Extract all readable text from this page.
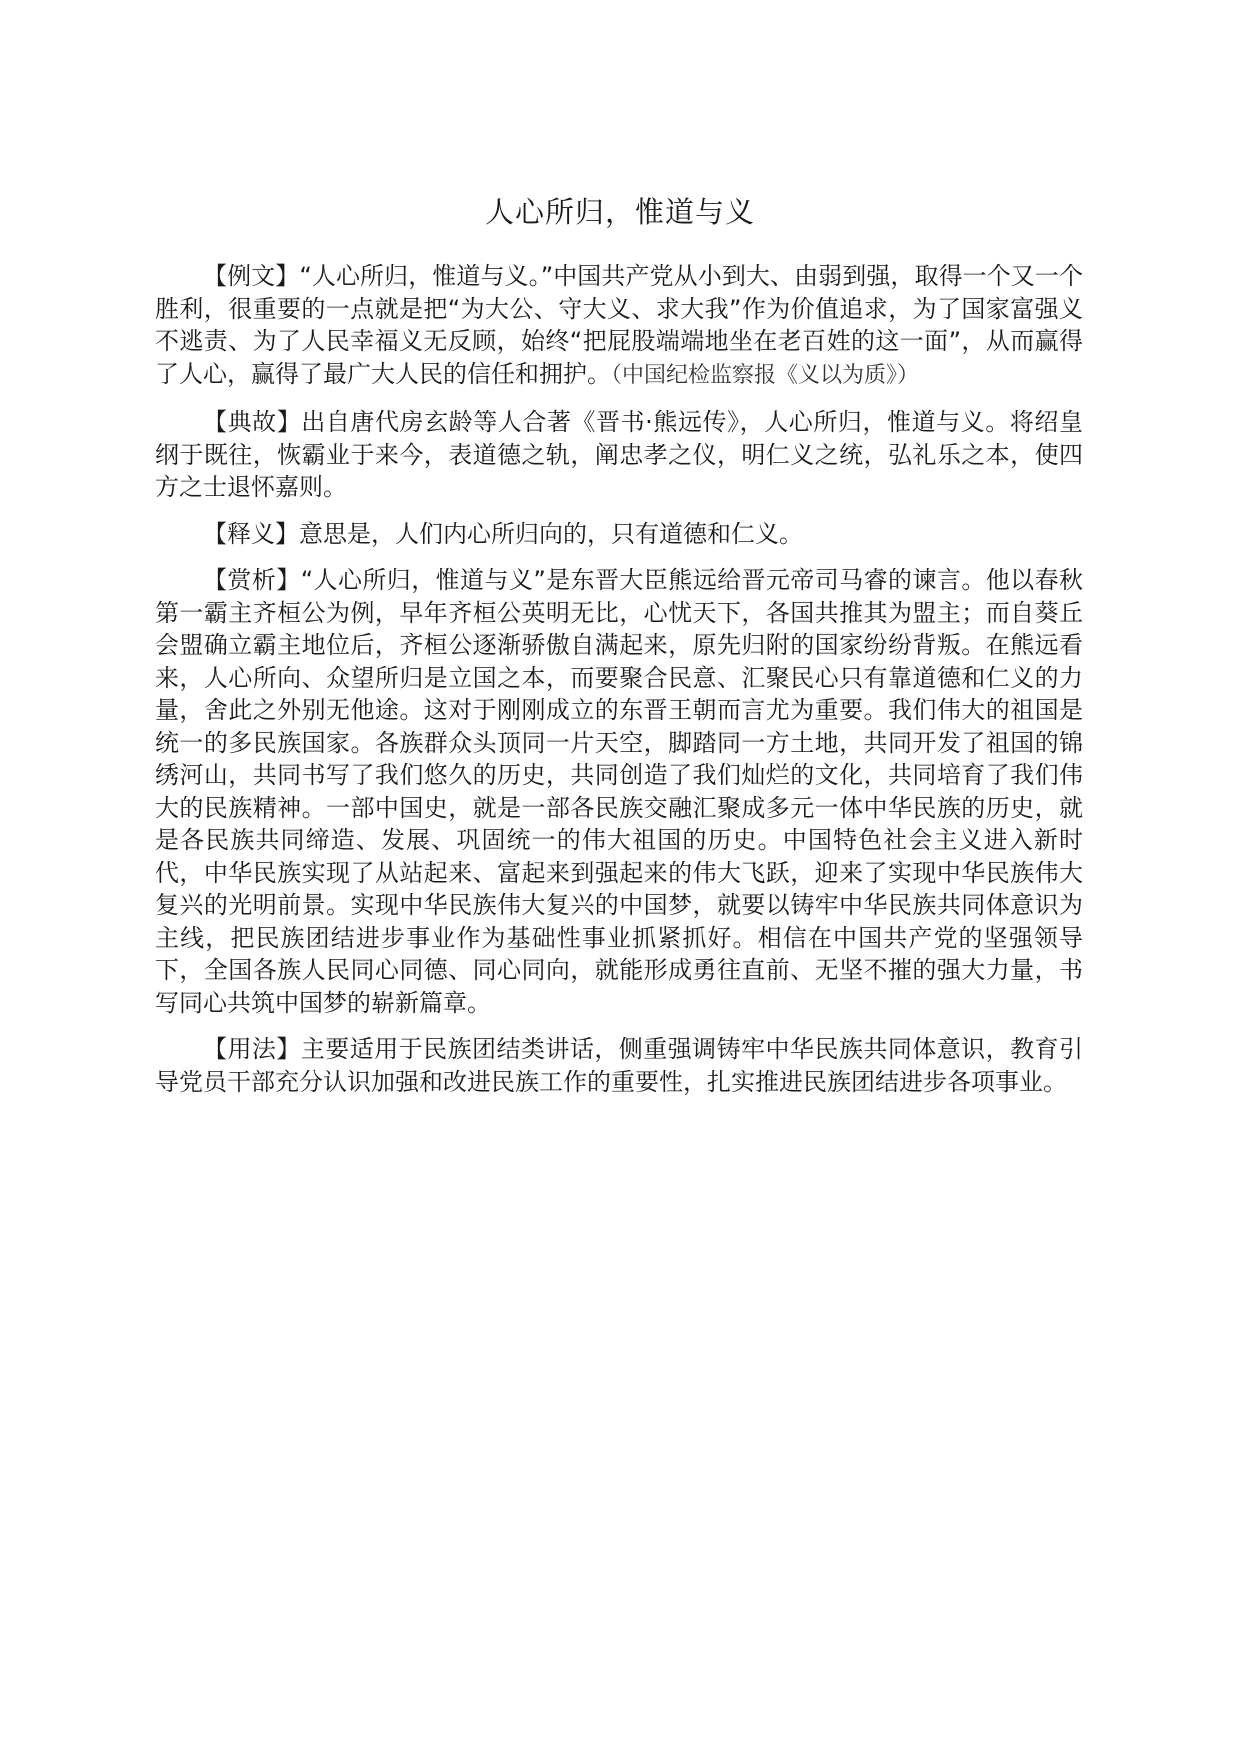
人心所归，惟道与义

【例文】“人心所归，惟道与义。”中国共产党从小到大、由弱到强，取得一个又一个胜利，很重要的一点就是把“为大公、守大义、求大我”作为价值追求，为了国家富强义不逃责、为了人民幸福义无反顾，始终“把屁股端端地坐在老百姓的这一面”，从而赢得了人心，赢得了最广大人民的信任和拥护。（中国纪检监察报《义以为质》）

【典故】出自唐代房玄龄等人合著《晋书·熊远传》，人心所归，惟道与义。将绍皇纲于既往，恢霸业于来今，表道德之轨，阐忠孝之仪，明仁义之统，弘礼乐之本，使四方之士退怀嘉则。

【释义】意思是，人们内心所归向的，只有道德和仁义。

【赏析】“人心所归，惟道与义”是东晋大臣熊远给晋元帝司马睿的谏言。他以春秋第一霸主齐桓公为例，早年齐桓公英明无比，心忧天下，各国共推其为盟主；而自葵丘会盟确立霸主地位后，齐桓公逐渐骄傲自满起来，原先归附的国家纷纷背叛。在熊远看来，人心所向、众望所归是立国之本，而要聚合民意、汇聚民心只有靠道德和仁义的力量，舍此之外别无他途。这对于刚刚成立的东晋王朝而言尤为重要。我们伟大的祖国是统一的多民族国家。各族群众头顶同一片天空，脚踏同一方土地，共同开发了祖国的锦绣河山，共同书写了我们悠久的历史，共同创造了我们灿烂的文化，共同培育了我们伟大的民族精神。一部中国史，就是一部各民族交融汇聚成多元一体中华民族的历史，就是各民族共同缔造、发展、巩固统一的伟大祖国的历史。中国特色社会主义进入新时代，中华民族实现了从站起来、富起来到强起来的伟大飞跃，迎来了实现中华民族伟大复兴的光明前景。实现中华民族伟大复兴的中国梦，就要以铸牢中华民族共同体意识为主线，把民族团结进步事业作为基础性事业抓紧抓好。相信在中国共产党的坚强领导下，全国各族人民同心同德、同心同向，就能形成勇往直前、无坚不摧的强大力量，书写同心共筑中国梦的崭新篇章。

【用法】主要适用于民族团结类讲话，侧重强调铸牢中华民族共同体意识，教育引导党员干部充分认识加强和改进民族工作的重要性，扎实推进民族团结进步各项事业。
